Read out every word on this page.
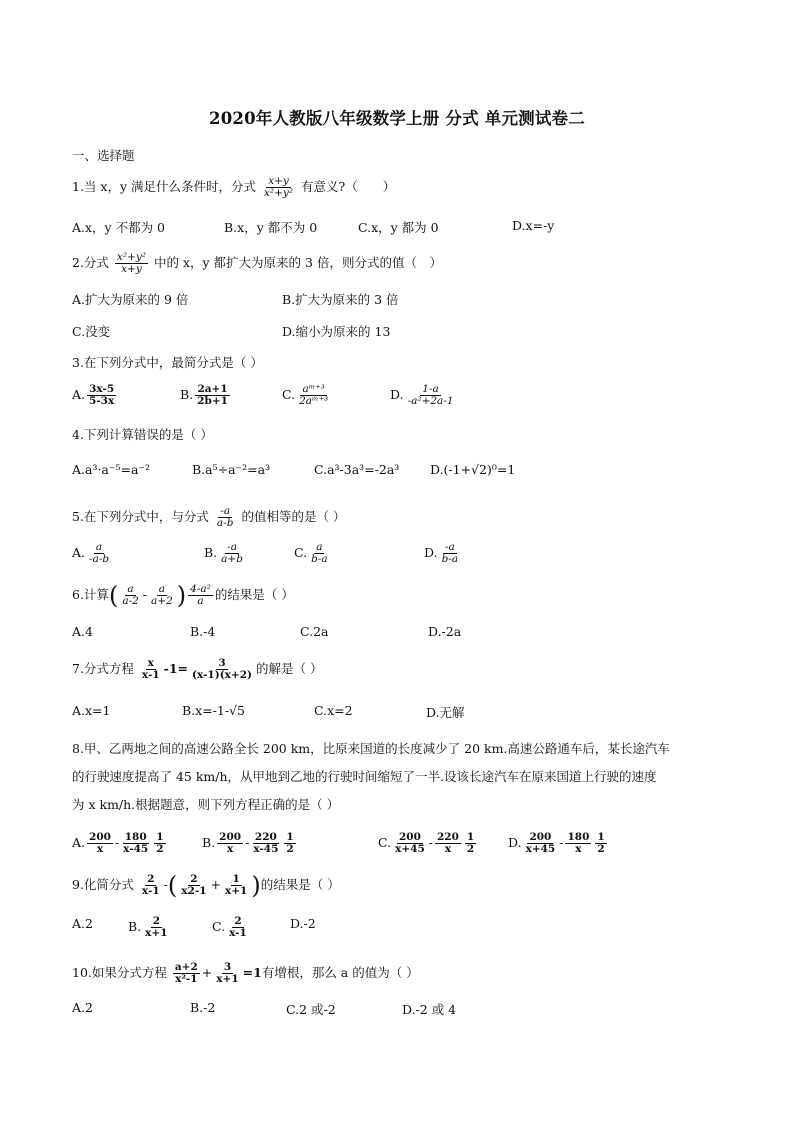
2020年人教版八年级数学上册 分式 单元测试卷二
一、选择题
1.当 x，y 满足什么条件时，分式 $\frac{x+y}{\text{x²+y²}}$ 有意义?（　　）
A.x，y 不都为 0	B.x，y 都不为 0	C.x，y 都为 0	D.x=-y
2.分式 $\frac{\text{x²+y²}}{x+y}$ 中的 x，y 都扩大为原来的 3 倍，则分式的值（　）
A.扩大为原来的 9 倍	B.扩大为原来的 3 倍
C.没变	D.缩小为原来的 13
3.在下列分式中，最简分式是（ ）
A. $\frac{3x-5}{5-3x}$	B. $\frac{2a+1}{2b+1}$	C. $\frac{\text{aᵐ⁺³}}{\text{2aᵐ⁺³}}$	D. $\frac{1-a}{\text{-a²+2a-1}}$
4.下列计算错误的是（ ）
A.a³·a⁻⁵=a⁻²	B.a⁵÷a⁻²=a³	C.a³-3a³=-2a³ D.(-1+√2)⁰=1
5.在下列分式中，与分式 $\frac{-a}{a-b}$ 的值相等的是（ ）
A. $\frac{a}{-a-b}$	B. $\frac{-a}{a+b}$	C. $\frac{a}{b-a}$	D. $\frac{-a}{b-a}$
6.计算( $\frac{a}{a-2} - \frac{a}{a+2}$ ) $\frac{\text{4-a²}}{a}$ 的结果是（ ）
A.4	B.-4	C.2a	D.-2a
7.分式方程 $\frac{x}{x-1} -1= \frac{3}{(x-1)(x+2)}$ 的解是（ ）
A.x=1	B.x=-1-√5	C.x=2	D.无解
8.甲、乙两地之间的高速公路全长 200 km，比原来国道的长度减少了 20 km.高速公路通车后，某长途汽车
的行驶速度提高了 45 km/h，从甲地到乙地的行驶时间缩短了一半.设该长途汽车在原来国道上行驶的速度
为 x km/h.根据题意，则下列方程正确的是（ ）
A. $\frac{200}{x} - \frac{180}{x-45} \frac{1}{2}$	B. $\frac{200}{x} - \frac{220}{x-45} \frac{1}{2}$	C. $\frac{200}{x+45} - \frac{220}{x} \frac{1}{2}$	D. $\frac{200}{x+45} - \frac{180}{x} \frac{1}{2}$
9.化简分式 $\frac{2}{x-1}$ -( $\frac{2}{x2-1} + \frac{1}{x+1}$ )的结果是（ ）
A.2	B. $\frac{2}{x+1}$	C. $\frac{2}{x-1}$	D.-2
10.如果分式方程 $\frac{a+2}{\text{x²-1}} + \frac{3}{x+1} =1$有增根，那么 a 的值为（ ）
A.2	B.-2	C.2 或-2	D.-2 或 4
